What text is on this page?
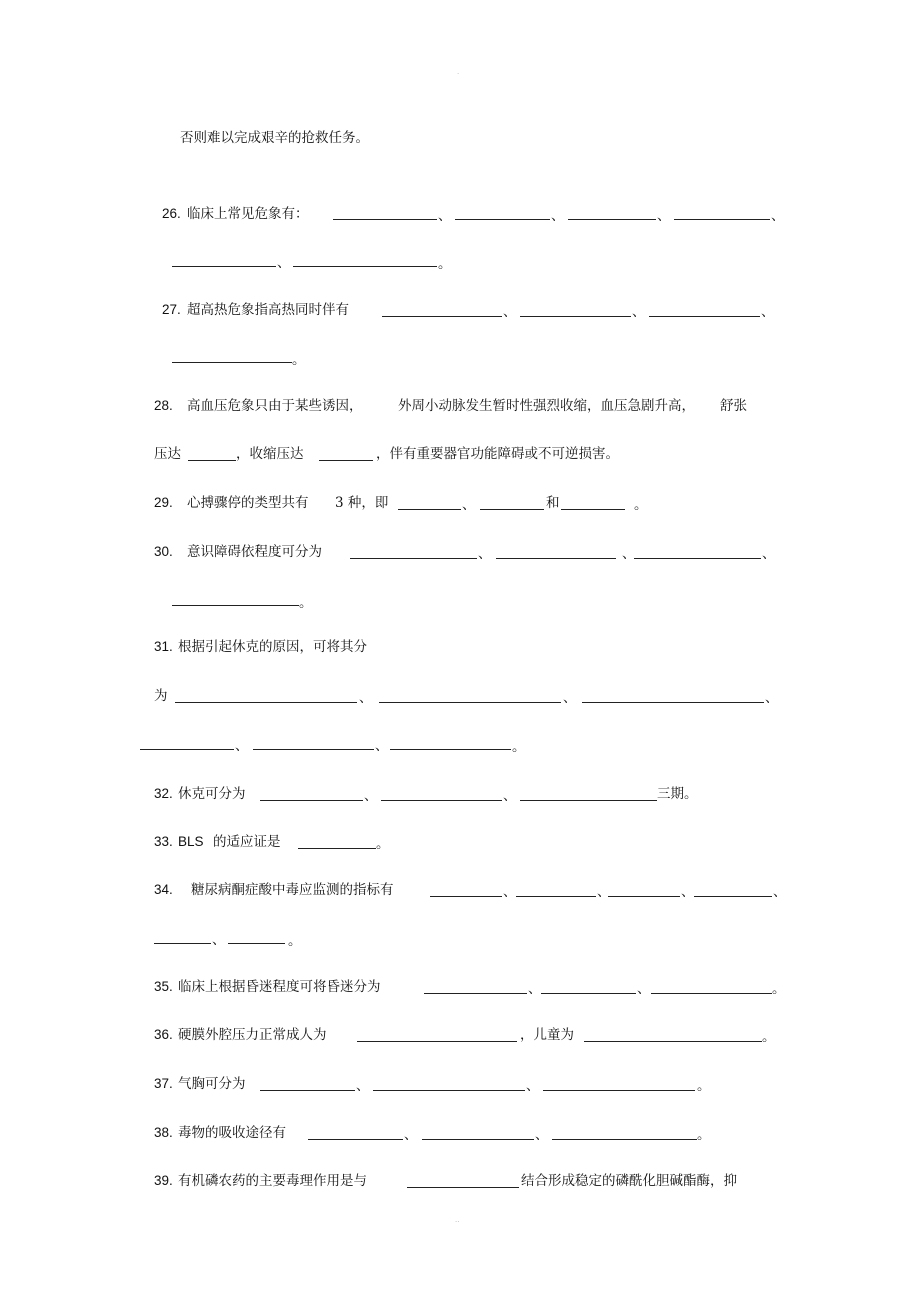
.
..
否则难以完成艰辛的抢救任务。
26. 临床上常见危象有：	、	、	、	、
、	。
27. 超高热危象指高热同时伴有	、	、	、
。
28. 高血压危象只由于某些诱因，	外周小动脉发生暂时性强烈收缩，血压急剧升高， 舒张
压达	，收缩压达	，伴有重要器官功能障碍或不可逆损害。
29. 心搏骤停的类型共有 3 种，即	、	和	。
30. 意识障碍依程度可分为	、	、	、
。
31. 根据引起休克的原因，可将其分
为	、	、	、
、	、	。
32. 休克可分为	、	、	三期。
33. BLS 的适应证是	。
34. 糖尿病酮症酸中毒应监测的指标有	、	、	、	、
、	。
35. 临床上根据昏迷程度可将昏迷分为	、	、	。
36. 硬膜外腔压力正常成人为	，儿童为	。
37. 气胸可分为	、	、	。
38. 毒物的吸收途径有	、	、	。
39. 有机磷农药的主要毒理作用是与	结合形成稳定的磷酰化胆碱酯酶，抑
